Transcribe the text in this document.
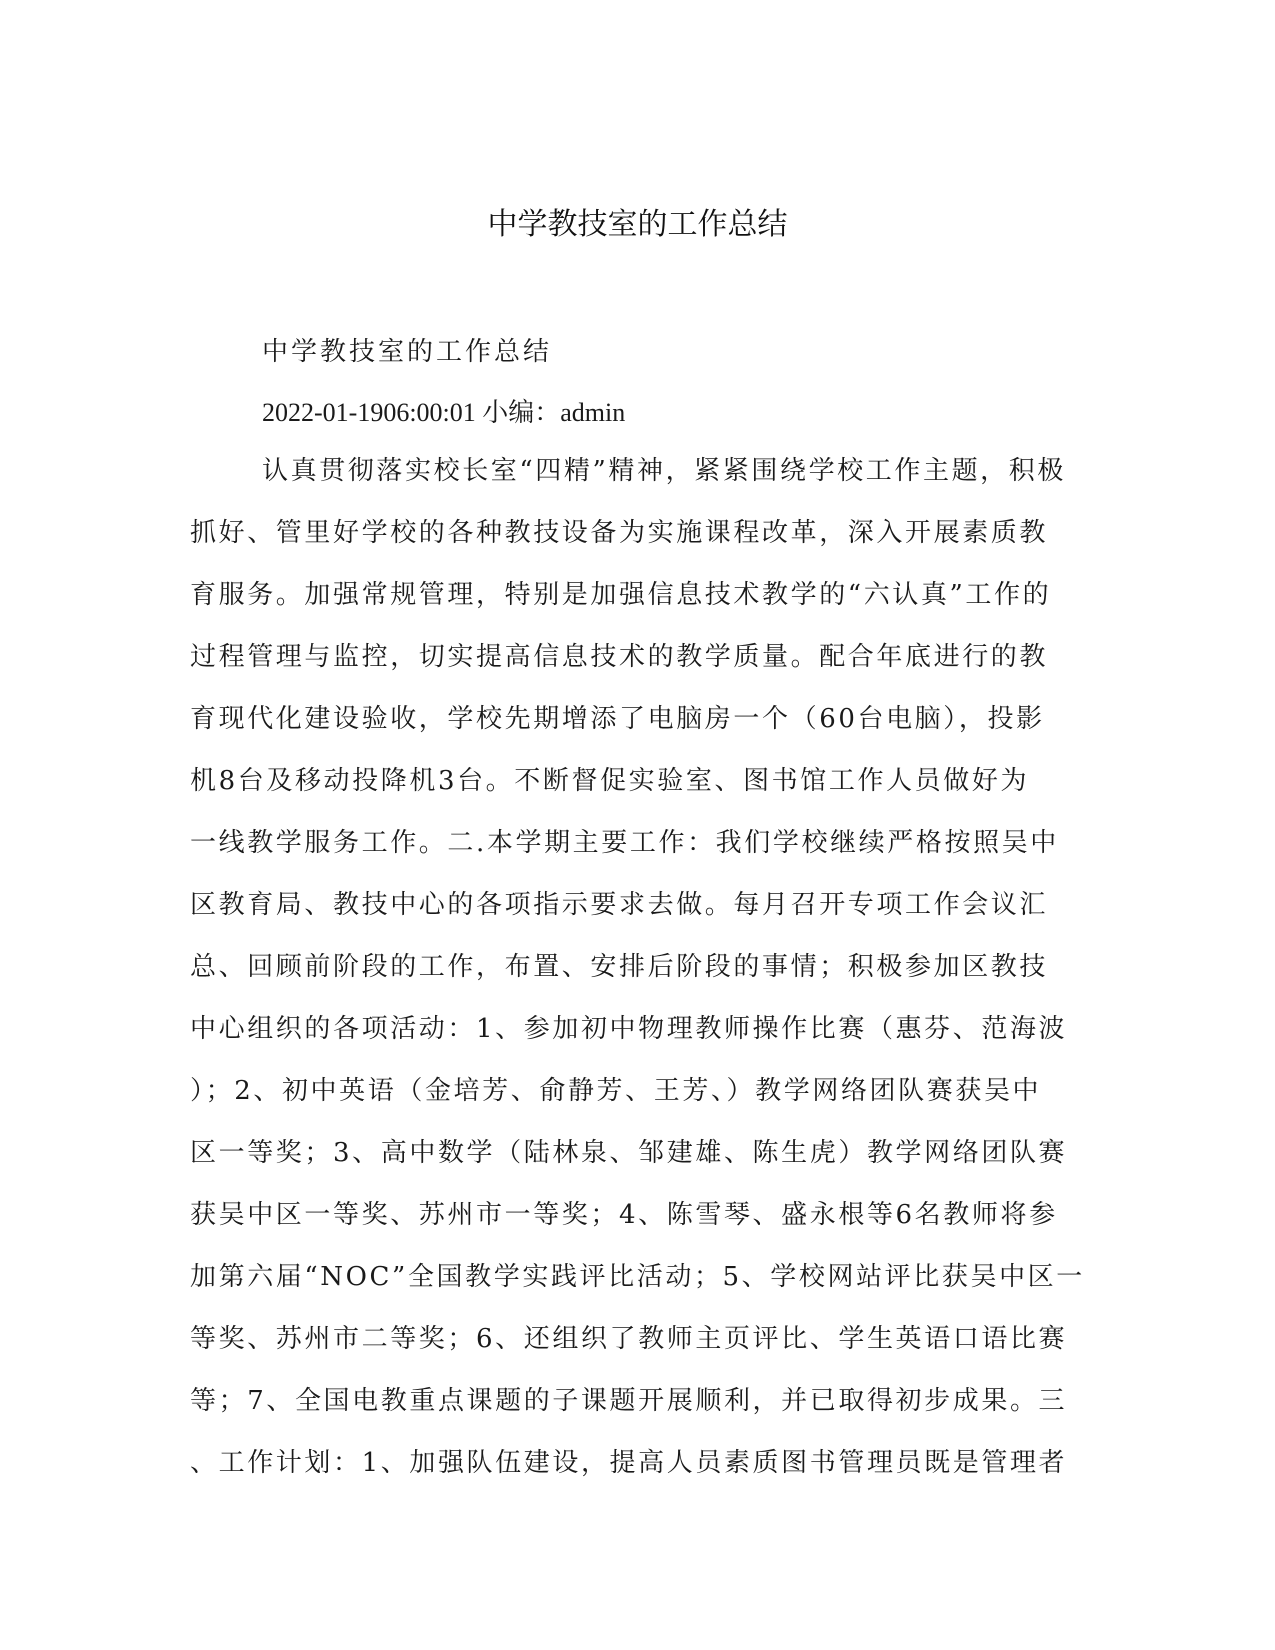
中学教技室的工作总结

中学教技室的工作总结

2022-01-1906:00:01 小编：admin

认真贯彻落实校长室“四精”精神，紧紧围绕学校工作主题，积极
抓好、管里好学校的各种教技设备为实施课程改革，深入开展素质教
育服务。加强常规管理，特别是加强信息技术教学的“六认真”工作的
过程管理与监控，切实提高信息技术的教学质量。配合年底进行的教
育现代化建设验收，学校先期增添了电脑房一个（60台电脑），投影
机8台及移动投降机3台。不断督促实验室、图书馆工作人员做好为
一线教学服务工作。二.本学期主要工作：我们学校继续严格按照吴中
区教育局、教技中心的各项指示要求去做。每月召开专项工作会议汇
总、回顾前阶段的工作，布置、安排后阶段的事情；积极参加区教技
中心组织的各项活动：1、参加初中物理教师操作比赛（惠芬、范海波
）；2、初中英语（金培芳、俞静芳、王芳、）教学网络团队赛获吴中
区一等奖；3、高中数学（陆林泉、邹建雄、陈生虎）教学网络团队赛
获吴中区一等奖、苏州市一等奖；4、陈雪琴、盛永根等6名教师将参
加第六届“NOC”全国教学实践评比活动；5、学校网站评比获吴中区一
等奖、苏州市二等奖；6、还组织了教师主页评比、学生英语口语比赛
等；7、全国电教重点课题的子课题开展顺利，并已取得初步成果。三
、工作计划：1、加强队伍建设，提高人员素质图书管理员既是管理者
